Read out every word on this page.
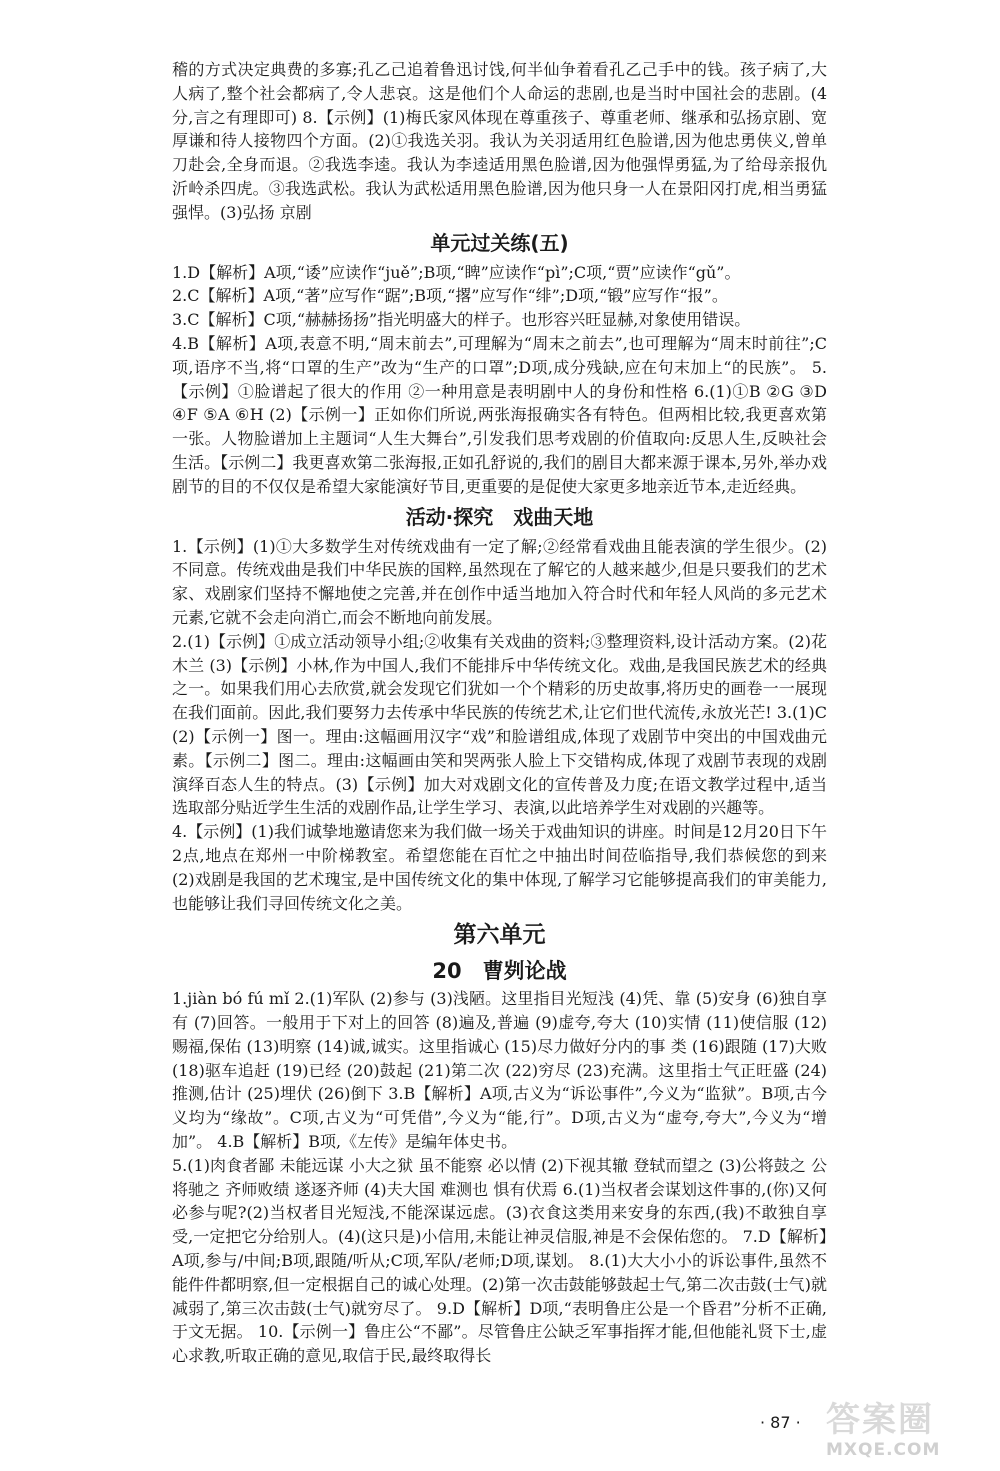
稽的方式决定典费的多寡;孔乙己追着鲁迅讨饯,何半仙争着看孔乙己手中的钱。孩子病了,大人病了,整个社会都病了,令人悲哀。这是他们个人命运的悲剧,也是当时中国社会的悲剧。(4分,言之有理即可) 8.【示例】(1)梅氏家风体现在尊重孩子、尊重老师、继承和弘扬京剧、宽厚谦和待人接物四个方面。(2)①我选关羽。我认为关羽适用红色脸谱,因为他忠勇侠义,曾单刀赴会,全身而退。②我选李逵。我认为李逵适用黑色脸谱,因为他强悍勇猛,为了给母亲报仇沂岭杀四虎。③我选武松。我认为武松适用黑色脸谱,因为他只身一人在景阳冈打虎,相当勇猛强悍。(3)弘扬 京剧

单元过关练(五)

1.D【解析】A项,“诿”应读作“juě”;B项,“睥”应读作“pì”;C项,“贾”应读作“gǔ”。

2.C【解析】A项,“著”应写作“踞”;B项,“撂”应写作“绯”;D项,“锻”应写作“报”。

3.C【解析】C项,“赫赫扬扬”指光明盛大的样子。也形容兴旺显赫,对象使用错误。

4.B【解析】A项,表意不明,“周末前去”,可理解为“周末之前去”,也可理解为“周末时前往”;C项,语序不当,将“口罩的生产”改为“生产的口罩”;D项,成分残缺,应在句末加上“的民族”。 5.【示例】①脸谱起了很大的作用 ②一种用意是表明剧中人的身份和性格 6.(1)①B ②G ③D ④F ⑤A ⑥H (2)【示例一】正如你们所说,两张海报确实各有特色。但两相比较,我更喜欢第一张。人物脸谱加上主题词“人生大舞台”,引发我们思考戏剧的价值取向:反思人生,反映社会生活。【示例二】我更喜欢第二张海报,正如孔舒说的,我们的剧目大都来源于课本,另外,举办戏剧节的目的不仅仅是希望大家能演好节目,更重要的是促使大家更多地亲近节本,走近经典。

活动·探究　戏曲天地

1.【示例】(1)①大多数学生对传统戏曲有一定了解;②经常看戏曲且能表演的学生很少。(2)不同意。传统戏曲是我们中华民族的国粹,虽然现在了解它的人越来越少,但是只要我们的艺术家、戏剧家们坚持不懈地使之完善,并在创作中适当地加入符合时代和年轻人风尚的多元艺术元素,它就不会走向消亡,而会不断地向前发展。

2.(1)【示例】①成立活动领导小组;②收集有关戏曲的资料;③整理资料,设计活动方案。(2)花木兰 (3)【示例】小林,作为中国人,我们不能排斥中华传统文化。戏曲,是我国民族艺术的经典之一。如果我们用心去欣赏,就会发现它们犹如一个个精彩的历史故事,将历史的画卷一一展现在我们面前。因此,我们要努力去传承中华民族的传统艺术,让它们世代流传,永放光芒! 3.(1)C (2)【示例一】图一。理由:这幅画用汉字“戏”和脸谱组成,体现了戏剧节中突出的中国戏曲元素。【示例二】图二。理由:这幅画由笑和哭两张人脸上下交错构成,体现了戏剧节表现的戏剧演绎百态人生的特点。(3)【示例】加大对戏剧文化的宣传普及力度;在语文教学过程中,适当选取部分贴近学生生活的戏剧作品,让学生学习、表演,以此培养学生对戏剧的兴趣等。

4.【示例】(1)我们诚挚地邀请您来为我们做一场关于戏曲知识的讲座。时间是12月20日下午2点,地点在郑州一中阶梯教室。希望您能在百忙之中抽出时间莅临指导,我们恭候您的到来 (2)戏剧是我国的艺术瑰宝,是中国传统文化的集中体现,了解学习它能够提高我们的审美能力,也能够让我们寻回传统文化之美。

第六单元
20　曹刿论战

1.jiàn bó fú mǐ 2.(1)军队 (2)参与 (3)浅陋。这里指目光短浅 (4)凭、靠 (5)安身 (6)独自享有 (7)回答。一般用于下对上的回答 (8)遍及,普遍 (9)虚夸,夸大 (10)实情 (11)使信服 (12)赐福,保佑 (13)明察 (14)诚,诚实。这里指诚心 (15)尽力做好分内的事 类 (16)跟随 (17)大败 (18)驱车追赶 (19)已经 (20)鼓起 (21)第二次 (22)穷尽 (23)充满。这里指士气正旺盛 (24)推测,估计 (25)埋伏 (26)倒下 3.B【解析】A项,古义为“诉讼事件”,今义为“监狱”。B项,古今义均为“缘故”。C项,古义为“可凭借”,今义为“能,行”。D项,古义为“虚夸,夸大”,今义为“增加”。 4.B【解析】B项,《左传》是编年体史书。

5.(1)肉食者鄙 未能远谋 小大之狱 虽不能察 必以情 (2)下视其辙 登轼而望之 (3)公将鼓之 公将驰之 齐师败绩 遂逐齐师 (4)夫大国 难测也 惧有伏焉 6.(1)当权者会谋划这件事的,(你)又何必参与呢?(2)当权者目光短浅,不能深谋远虑。(3)衣食这类用来安身的东西,(我)不敢独自享受,一定把它分给别人。(4)(这只是)小信用,未能让神灵信服,神是不会保佑您的。 7.D【解析】A项,参与/中间;B项,跟随/听从;C项,军队/老师;D项,谋划。 8.(1)大大小小的诉讼事件,虽然不能件件都明察,但一定根据自己的诚心处理。(2)第一次击鼓能够鼓起士气,第二次击鼓(士气)就减弱了,第三次击鼓(士气)就穷尽了。 9.D【解析】D项,“表明鲁庄公是一个昏君”分析不正确,于文无据。 10.【示例一】鲁庄公“不鄙”。尽管鲁庄公缺乏军事指挥才能,但他能礼贤下士,虚心求教,听取正确的意见,取信于民,最终取得长

· 87 · 答案圈
MXQE.COM
